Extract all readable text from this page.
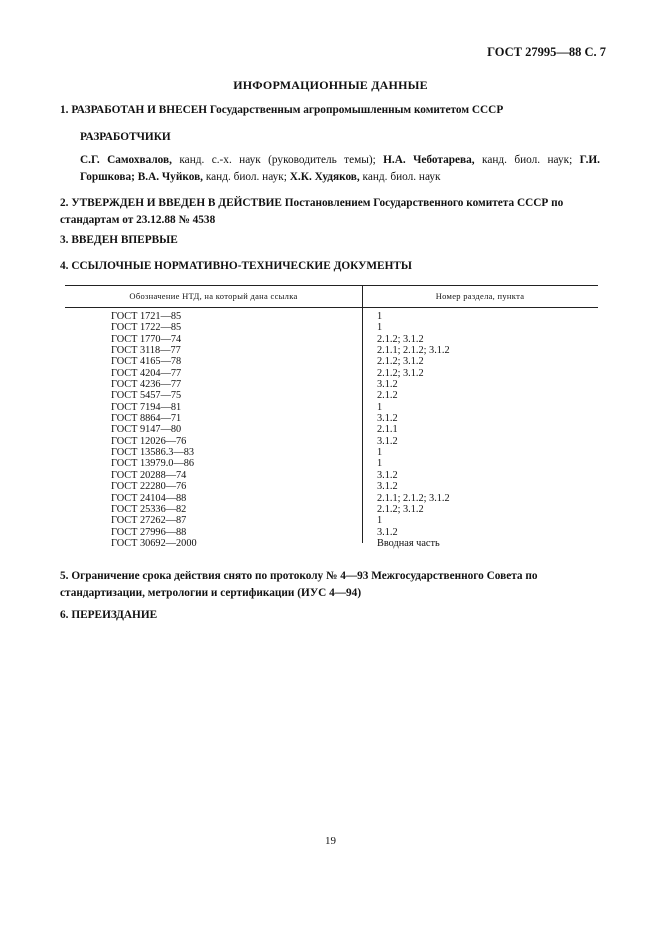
ГОСТ 27995—88 С. 7
ИНФОРМАЦИОННЫЕ ДАННЫЕ
1. РАЗРАБОТАН И ВНЕСЕН Государственным агропромышленным комитетом СССР
РАЗРАБОТЧИКИ
С.Г. Самохвалов, канд. с.-х. наук (руководитель темы); Н.А. Чеботарева, канд. биол. наук; Г.И. Горшкова; В.А. Чуйков, канд. биол. наук; Х.К. Худяков, канд. биол. наук
2. УТВЕРЖДЕН И ВВЕДЕН В ДЕЙСТВИЕ Постановлением Государственного комитета СССР по стандартам от 23.12.88 № 4538
3. ВВЕДЕН ВПЕРВЫЕ
4. ССЫЛОЧНЫЕ НОРМАТИВНО-ТЕХНИЧЕСКИЕ ДОКУМЕНТЫ
Обозначение НТД, на который дана ссылка	Номер раздела, пункта
ГОСТ 1721—85	1
ГОСТ 1722—85	1
ГОСТ 1770—74	2.1.2; 3.1.2
ГОСТ 3118—77	2.1.1; 2.1.2; 3.1.2
ГОСТ 4165—78	2.1.2; 3.1.2
ГОСТ 4204—77	2.1.2; 3.1.2
ГОСТ 4236—77	3.1.2
ГОСТ 5457—75	2.1.2
ГОСТ 7194—81	1
ГОСТ 8864—71	3.1.2
ГОСТ 9147—80	2.1.1
ГОСТ 12026—76	3.1.2
ГОСТ 13586.3—83	1
ГОСТ 13979.0—86	1
ГОСТ 20288—74	3.1.2
ГОСТ 22280—76	3.1.2
ГОСТ 24104—88	2.1.1; 2.1.2; 3.1.2
ГОСТ 25336—82	2.1.2; 3.1.2
ГОСТ 27262—87	1
ГОСТ 27996—88	3.1.2
ГОСТ 30692—2000	Вводная часть
5. Ограничение срока действия снято по протоколу № 4—93 Межгосударственного Совета по стандартизации, метрологии и сертификации (ИУС 4—94)
6. ПЕРЕИЗДАНИЕ
19
